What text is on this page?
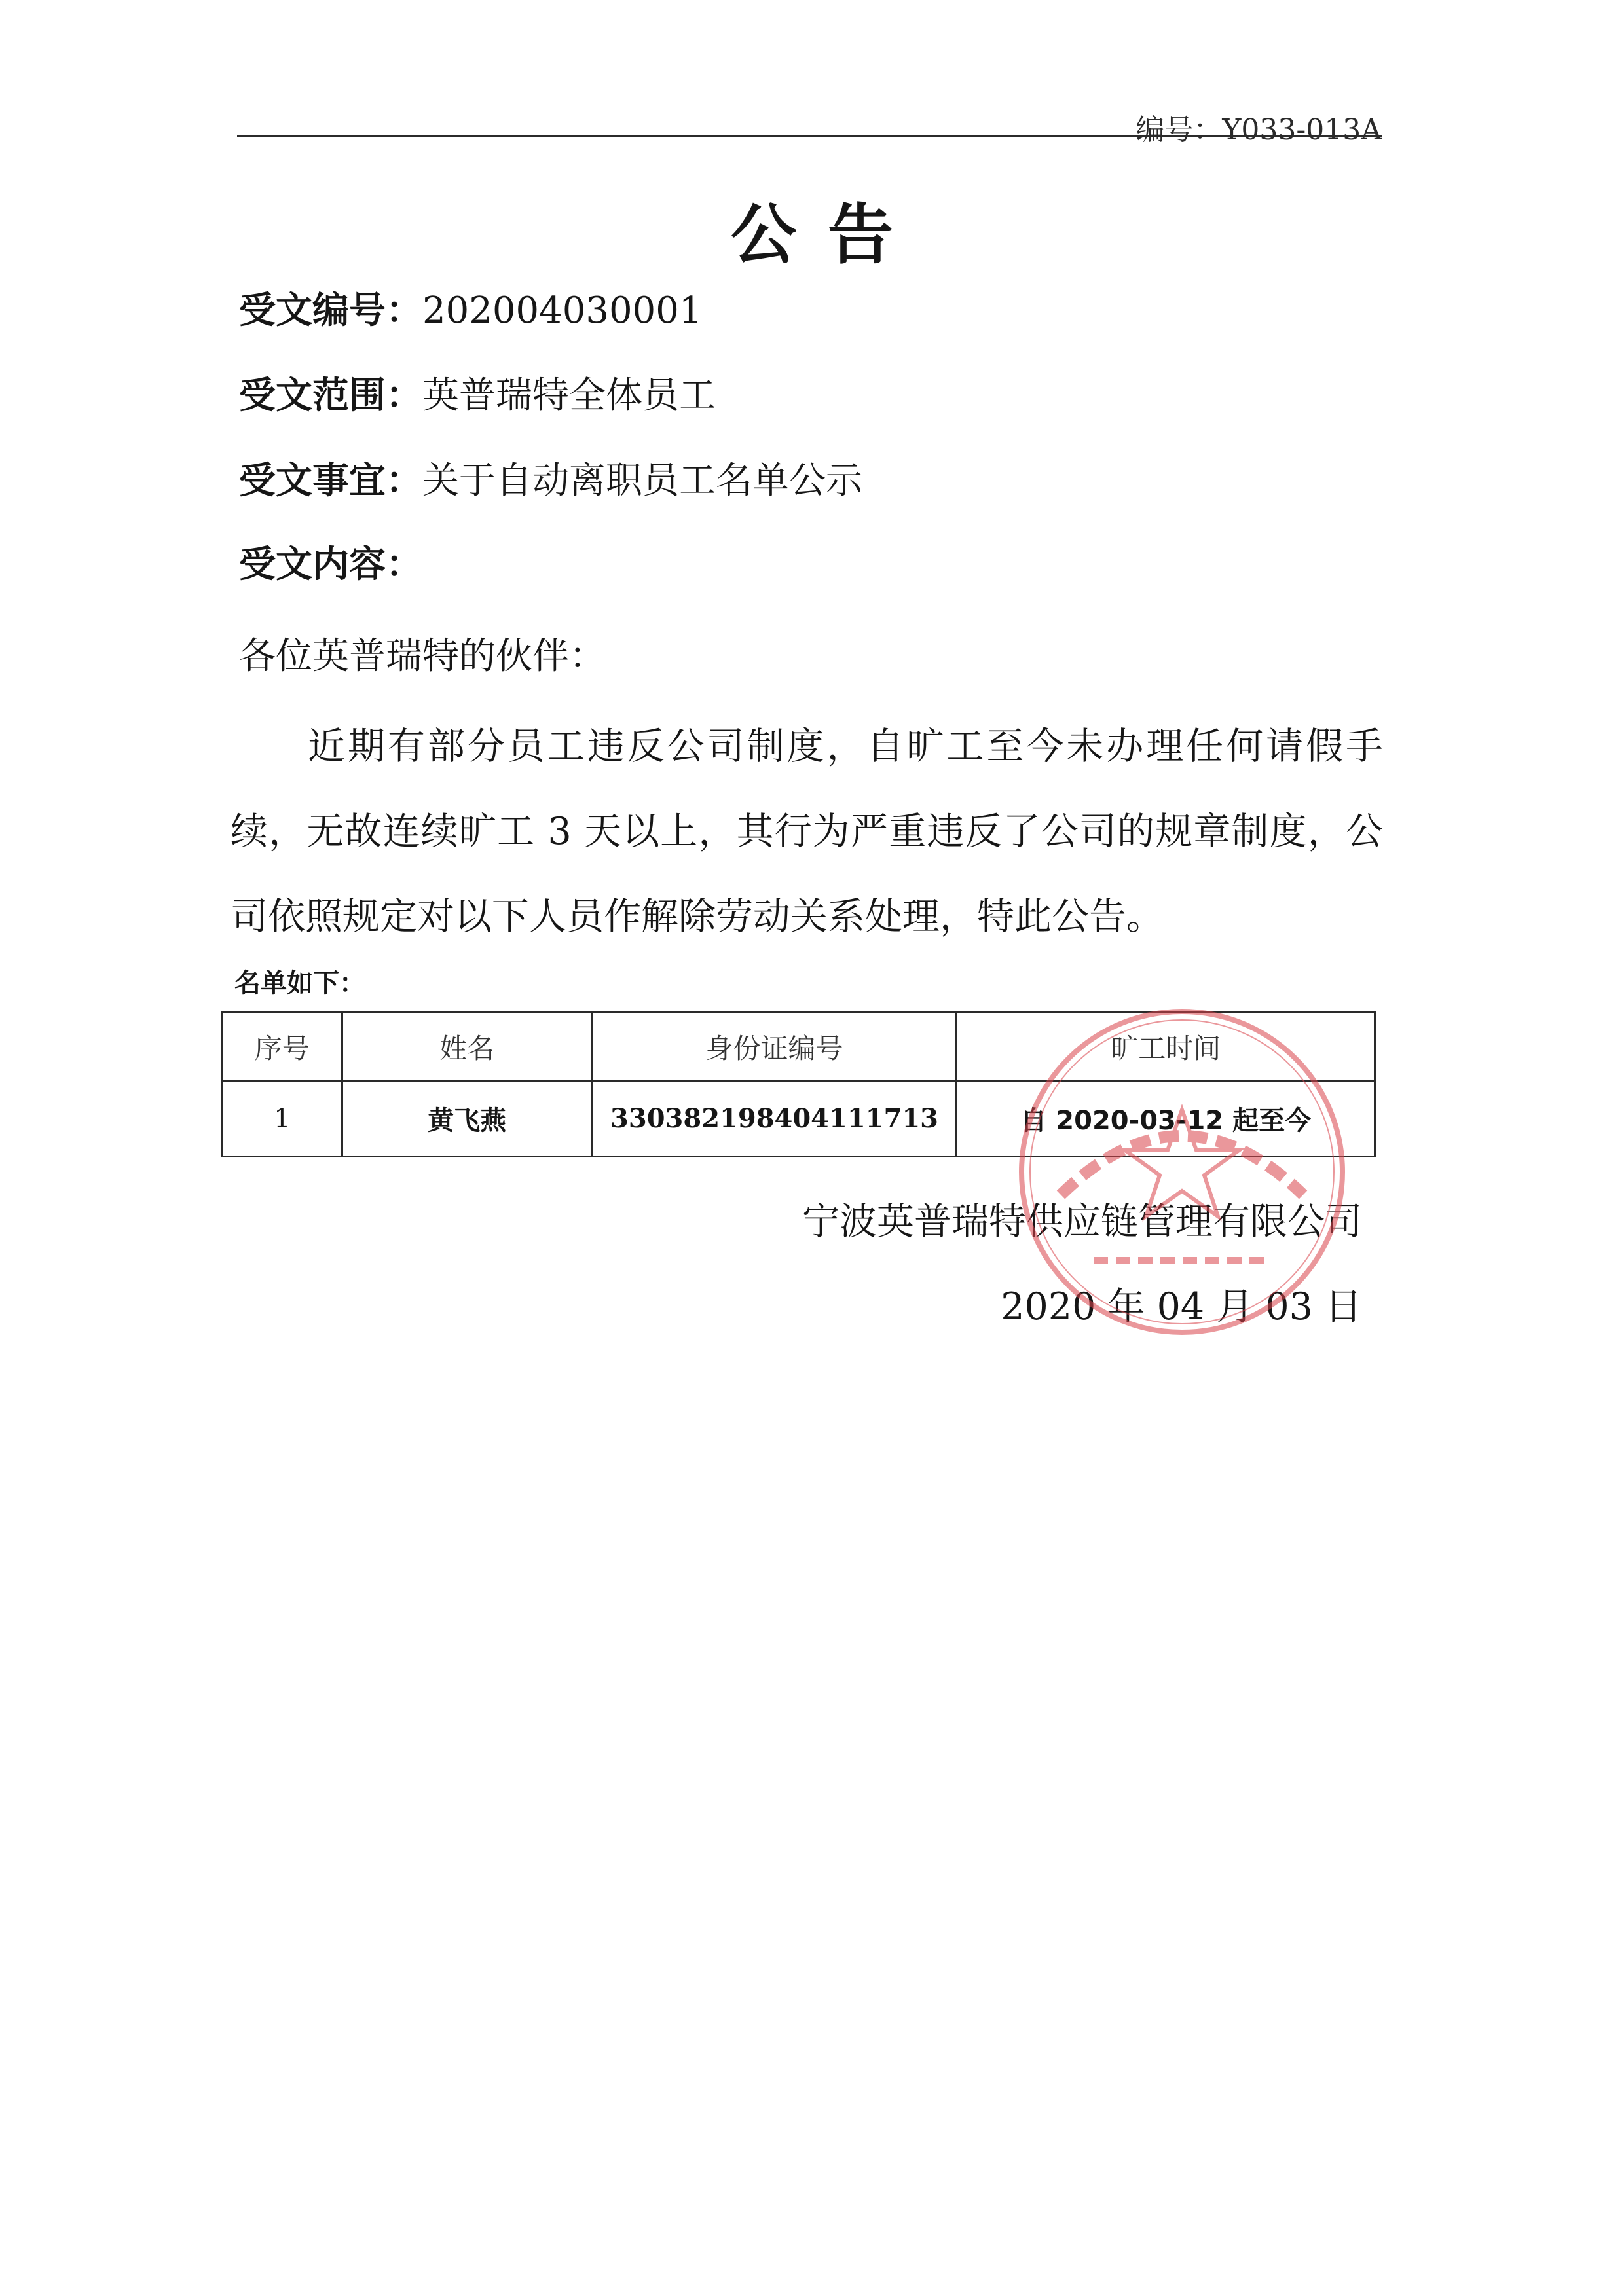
编号：Y033-013A
公告
受文编号：202004030001
受文范围：英普瑞特全体员工
受文事宜：关于自动离职员工名单公示
受文内容：
各位英普瑞特的伙伴：
近期有部分员工违反公司制度，自旷工至今未办理任何请假手续，无故连续旷工 3 天以上，其行为严重违反了公司的规章制度，公司依照规定对以下人员作解除劳动关系处理，特此公告。
名单如下：
序号	姓名	身份证编号	旷工时间
1	黄飞燕	330382198404111713	自 2020-03-12 起至今
宁波英普瑞特供应链管理有限公司
2020 年 04 月 03 日
